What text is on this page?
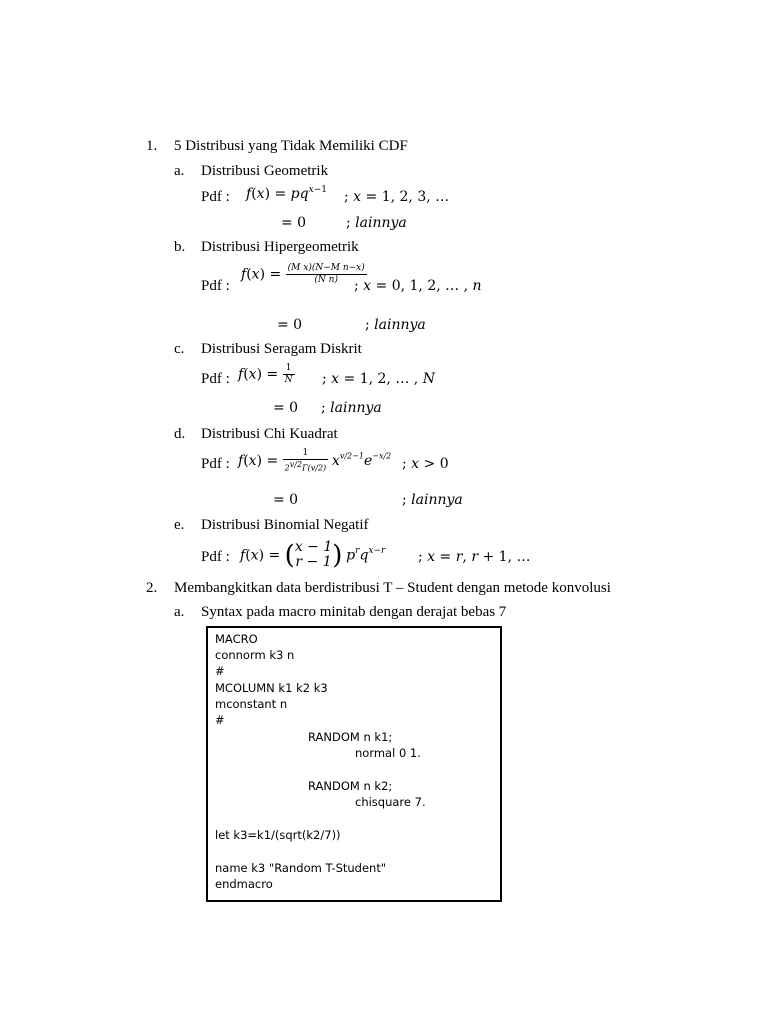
1. 5 Distribusi yang Tidak Memiliki CDF
a. Distribusi Geometrik
Pdf : $f(x) = pq^{x-1}$ ; x = 1, 2, 3, …
= 0	; lainnya
b. Distribusi Hipergeometrik
Pdf :
$f(x) = \frac{\text{(M x)(N−M n−x)}}{\text{(N n)}}$
; x = 0, 1, 2, … , n
= 0	; lainnya
c. Distribusi Seragam Diskrit
Pdf : $f(x) = \frac{1}{N}$ ; x = 1, 2, … , N
= 0 ; lainnya
d. Distribusi Chi Kuadrat
Pdf : $f(x) = \frac{1}{2^{v/2}\Gamma(v/2)} x^{v/2-1}e^{-x/2}$
; x > 0
= 0	; lainnya
e. Distribusi Binomial Negatif
Pdf : f(x) = ( x − 1
r − 1 ) $p^rq^{x-r}$ ; x = r, r + 1, …
2. Membangkitkan data berdistribusi T – Student dengan metode konvolusi
a. Syntax pada macro minitab dengan derajat bebas 7
MACRO
connorm k3 n
#
MCOLUMN k1 k2 k3
mconstant n
#
RANDOM n k1;
normal 0 1.
RANDOM n k2;
chisquare 7.
let k3=k1/(sqrt(k2/7))
name k3 "Random T-Student"
endmacro
